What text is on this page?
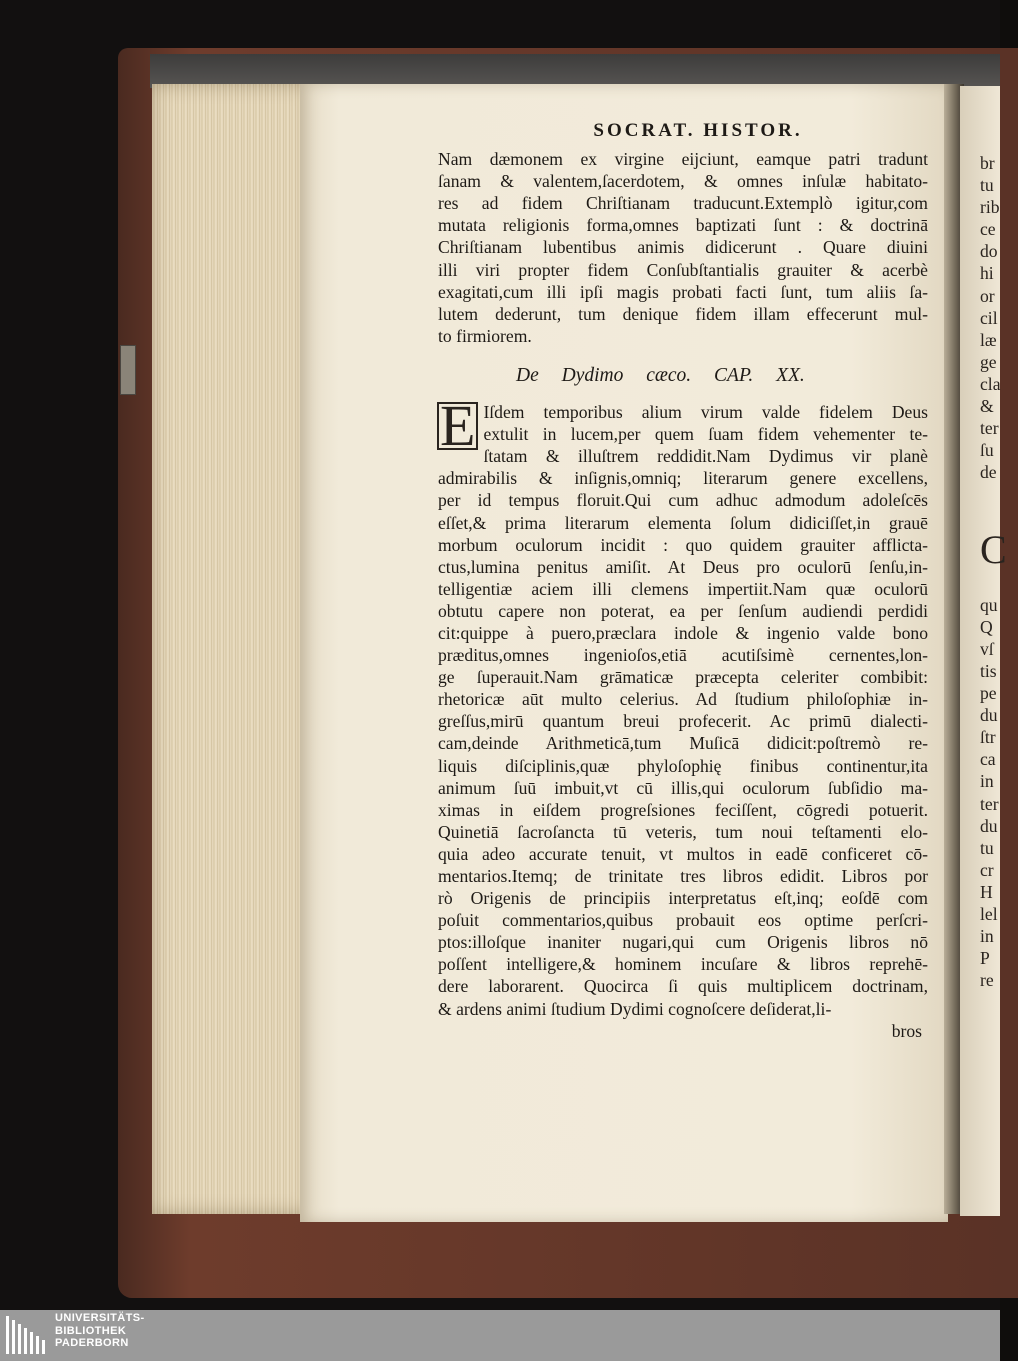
SOCRAT. HISTOR.
Nam dæmonem ex virgine eijciunt, eamque patri tradunt
ſanam & valentem,ſacerdotem, & omnes inſulæ habitato-
res ad fidem Chriſtianam traducunt.Extemplò igitur,com
mutata religionis forma,omnes baptizati ſunt : & doctrinā
Chriſtianam lubentibus animis didicerunt . Quare diuini
illi viri propter fidem Conſubſtantialis grauiter & acerbè
exagitati,cum illi ipſi magis probati facti ſunt, tum aliis ſa-
lutem dederunt, tum denique fidem illam effecerunt mul-
to firmiorem.
De Dydimo cæco. CAP. XX.
E Iſdem temporibus alium virum valde fidelem Deus
extulit in lucem,per quem ſuam fidem vehementer te-
ſtatam & illuſtrem reddidit.Nam Dydimus vir planè
admirabilis & inſignis,omniq; literarum genere excellens,
per id tempus floruit.Qui cum adhuc admodum adoleſcēs
eſſet,& prima literarum elementa ſolum didiciſſet,in grauē
morbum oculorum incidit : quo quidem grauiter afflicta-
ctus,lumina penitus amiſit. At Deus pro oculorū ſenſu,in-
telligentiæ aciem illi clemens impertiit.Nam quæ oculorū
obtutu capere non poterat, ea per ſenſum audiendi perdidi
cit:quippe à puero,præclara indole & ingenio valde bono
præditus,omnes ingenioſos,etiā acutiſsimè cernentes,lon-
ge ſuperauit.Nam grāmaticæ præcepta celeriter combibit:
rhetoricæ aūt multo celerius. Ad ſtudium philoſophiæ in-
greſſus,mirū quantum breui profecerit. Ac primū dialecti-
cam,deinde Arithmeticā,tum Muſicā didicit:poſtremò re-
liquis diſciplinis,quæ phyloſophię finibus continentur,ita
animum ſuū imbuit,vt cū illis,qui oculorum ſubſidio ma-
ximas in eiſdem progreſsiones feciſſent, cōgredi potuerit.
Quinetiā ſacroſancta tū veteris, tum noui teſtamenti elo-
quia adeo accurate tenuit, vt multos in eadē conficeret cō-
mentarios.Itemq; de trinitate tres libros edidit. Libros por
rò Origenis de principiis interpretatus eſt,inq; eoſdē com
poſuit commentarios,quibus probauit eos optime perſcri-
ptos:illoſque inaniter nugari,qui cum Origenis libros nō
poſſent intelligere,& hominem incuſare & libros reprehē-
dere laborarent. Quocirca ſi quis multiplicem doctrinam,
& ardens animi ſtudium Dydimi cognoſcere deſiderat,li-
bros
br
tu
rib
ce
do
hi
or
cil
læ
ge
cla
&
ter
ſu
de
C
qu
Q
vſ
tis
pe
du
ſtr
ca
in
ter
du
tu
cr
H
lel
in
P
re
UNIVERSITÄTS-
BIBLIOTHEK
PADERBORN
